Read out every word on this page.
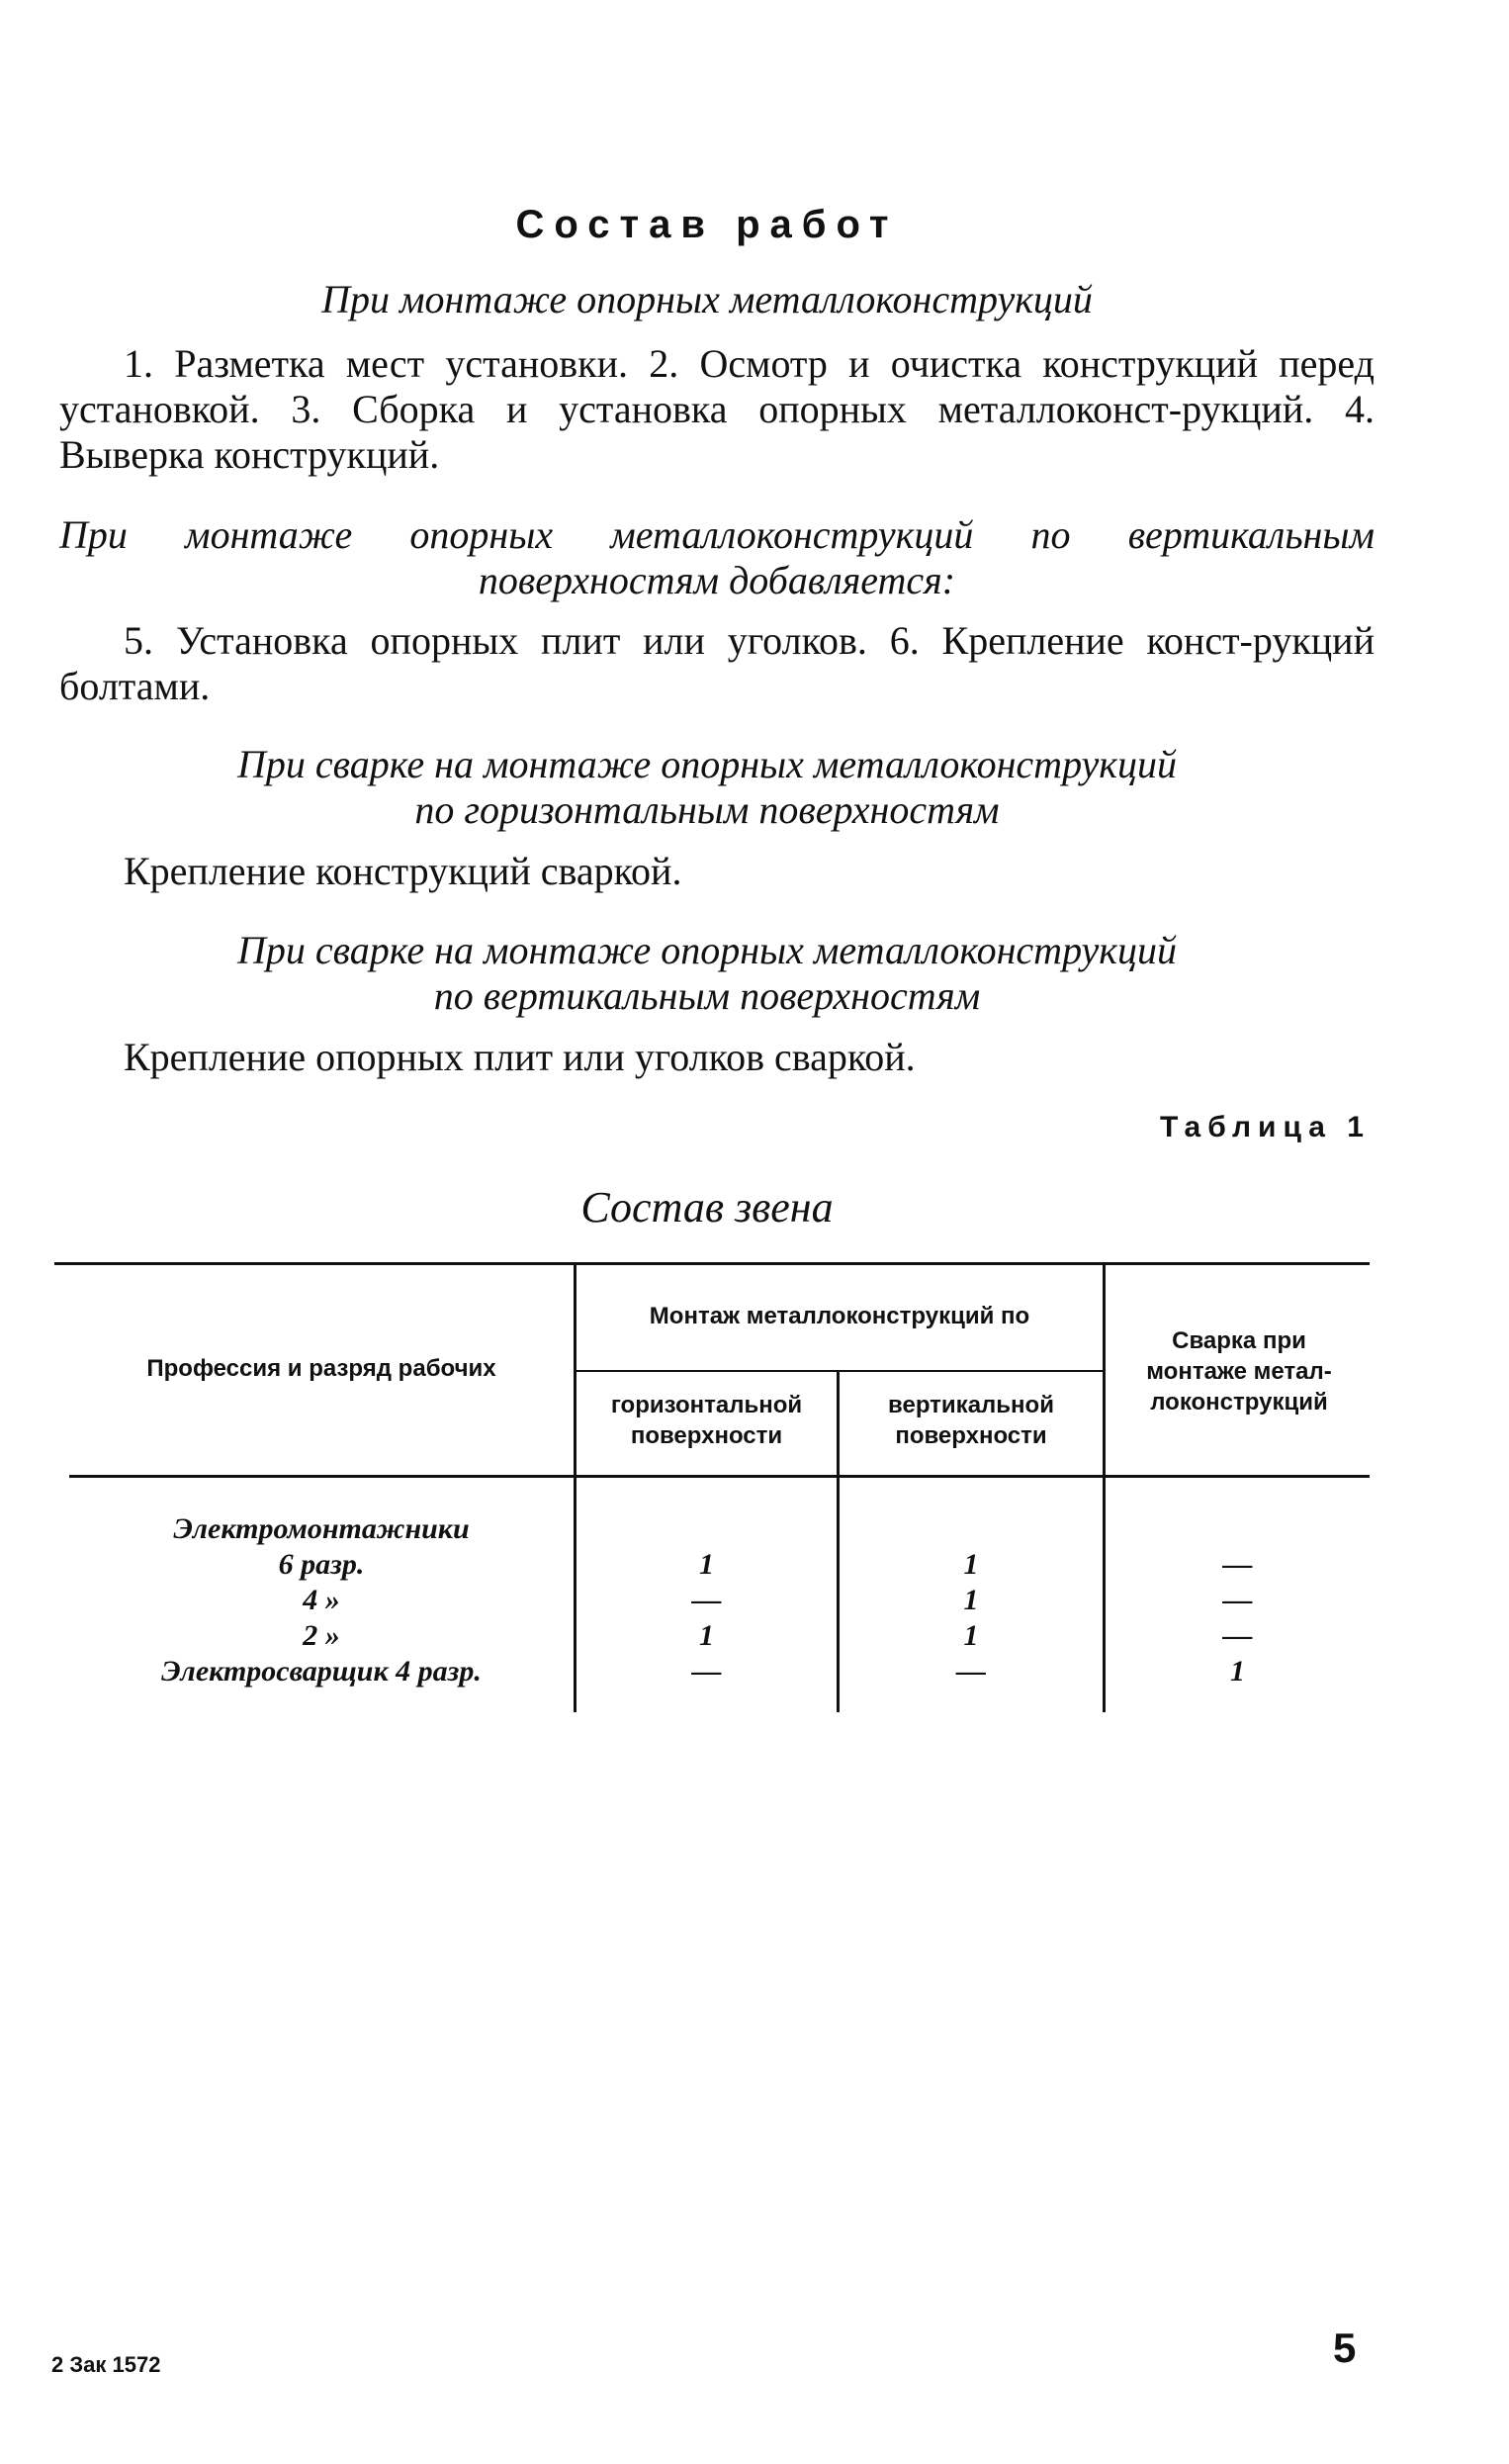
Состав работ
При монтаже опорных металлоконструкций
1. Разметка мест установки. 2. Осмотр и очистка конструкций перед установкой. 3. Сборка и установка опорных металлоконст-рукций. 4. Выверка конструкций.
При монтаже опорных металлоконструкций по вертикальным
поверхностям добавляется:
5. Установка опорных плит или уголков. 6. Крепление конст-рукций болтами.
При сварке на монтаже опорных металлоконструкций
по горизонтальным поверхностям
Крепление конструкций сваркой.
При сварке на монтаже опорных металлоконструкций
по вертикальным поверхностям
Крепление опорных плит или уголков сваркой.
Таблица 1
Состав звена
Профессия и разряд рабочих
Монтаж металлоконструкций по
горизонтальной
поверхности
вертикальной
поверхности
Сварка при
монтаже метал-
локонструкций
Электромонтажники
6 разр.
4 »
2 »
Электросварщик 4 разр.

1
—
1
—

1
1
1
—

—
—
—
1
2 Зак 1572	5
